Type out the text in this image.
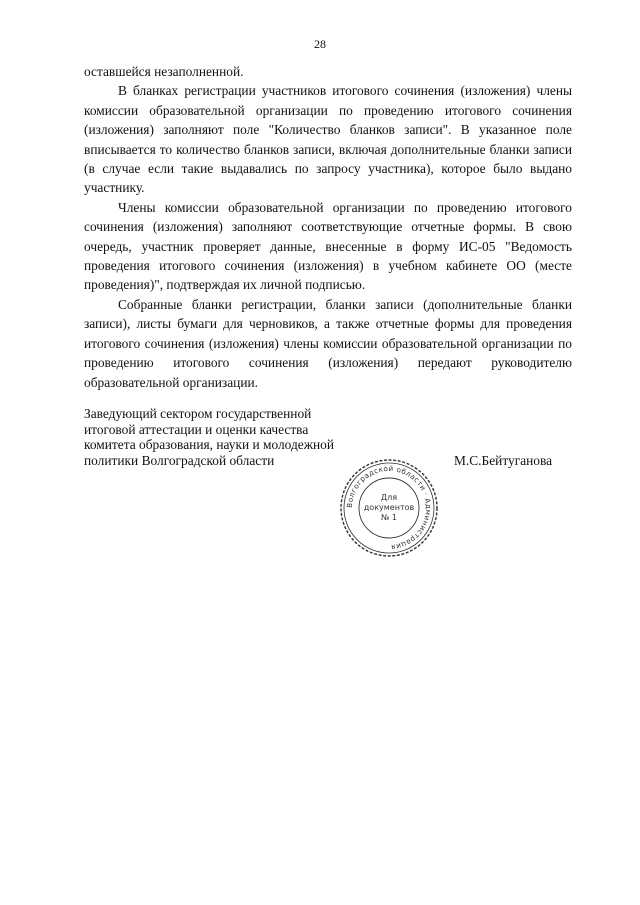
28

оставшейся незаполненной.

В бланках регистрации участников итогового сочинения (изложения) члены комиссии образовательной организации по проведению итогового сочинения (изложения) заполняют поле "Количество бланков записи". В указанное поле вписывается то количество бланков записи, включая дополнительные бланки записи (в случае если такие выдавались по запросу участника), которое было выдано участнику.

Члены комиссии образовательной организации по проведению итогового сочинения (изложения) заполняют соответствующие отчетные формы. В свою очередь, участник проверяет данные, внесенные в форму ИС-05 "Ведомость проведения итогового сочинения (изложения) в учебном кабинете ОО (месте проведения)", подтверждая их личной подписью.

Собранные бланки регистрации, бланки записи (дополнительные бланки записи), листы бумаги для черновиков, а также отчетные формы для проведения итогового сочинения (изложения) члены комиссии образовательной организации по проведению итогового сочинения (изложения) передают руководителю образовательной организации.

Заведующий сектором государственной
итоговой аттестации и оценки качества
комитета образования, науки и молодежной
политики Волгоградской области	М.С.Бейтуганова
Волгоградской области · Администрация
Для
документов
№ 1
